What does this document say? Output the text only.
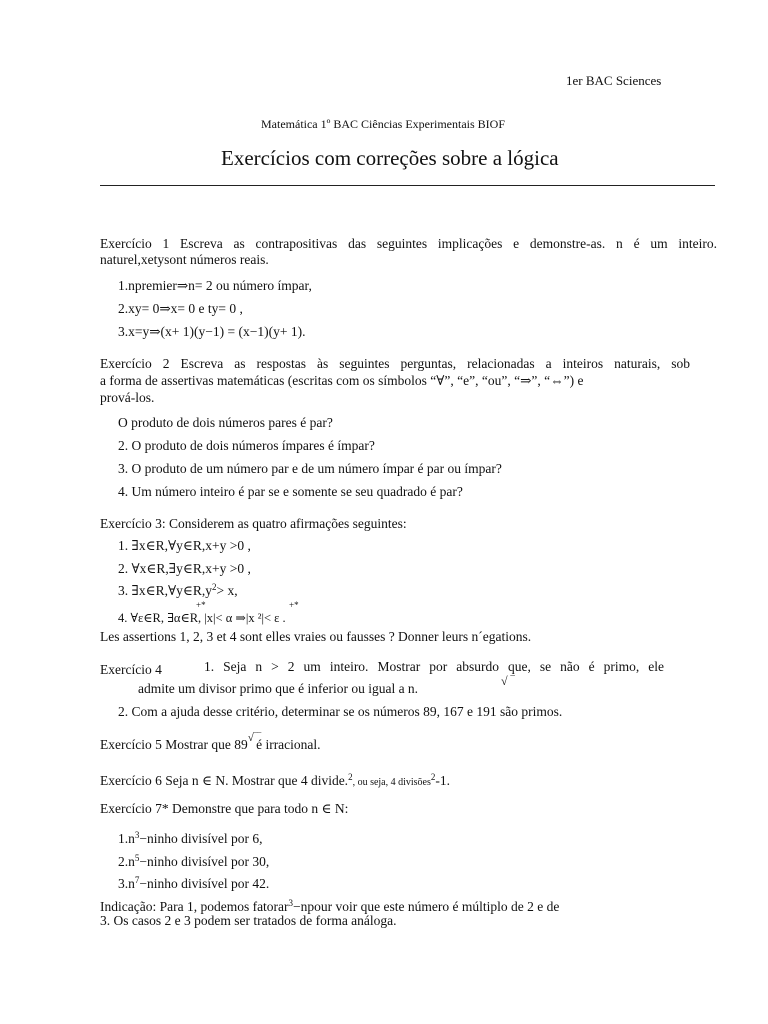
1er BAC Sciences
Matemática 1º BAC Ciências Experimentais BIOF
Exercícios com correções sobre a lógica
Exercício 1 Escreva as contrapositivas das seguintes implicações e demonstre-as. n é um inteiro.
naturel,xetysont números reais.
1.npremier⇒n= 2 ou número ímpar,
2.xy= 0⇒x= 0 e ty= 0 ,
3.x=y⇒(x+ 1)(y−1) = (x−1)(y+ 1).
Exercício 2 Escreva as respostas às seguintes perguntas, relacionadas a inteiros naturais, sob
a forma de assertivas matemáticas (escritas com os símbolos “∀”, “e”, “ou”, “⇒”, “⇔”) e
prová-los.
O produto de dois números pares é par?
2. O produto de dois números ímpares é ímpar?
3. O produto de um número par e de um número ímpar é par ou ímpar?
4. Um número inteiro é par se e somente se seu quadrado é par?
Exercício 3: Considerem as quatro afirmações seguintes:
1. ∃x∈R,∀y∈R,x+y >0 ,
2. ∀x∈R,∃y∈R,x+y >0 ,
3. $\exists x\in R,\forall y\in R,y^2> x$,
+*	+*
4. ∀ε∈R, ∃α∈R, |x|< α ⇒|x ²|< ε .
Les assertions 1, 2, 3 et 4 sont elles vraies ou fausses ? Donner leurs n´egations.
Exercício 4	1. Seja n > 2 um inteiro. Mostrar por absurdo que, se não é primo, ele
admite um divisor primo que é inferior ou igual a n.	√ ‾
2. Com a ajuda desse critério, determinar se os números 89, 167 e 191 são primos.
Exercício 5 Mostrar que 89√‾‾é irracional.
Exercício 6 Seja n ∈ N. Mostrar que 4 divide.$^2$, ou seja, 4 divisões$^2$-1.
Exercício 7* Demonstre que para todo n ∈ N:
$1.n^3-ninho$ divisível por 6,
$2.n^5-ninho$ divisível por 30,
$3.n^7-ninho$ divisível por 42.
Indicação: Para 1, podemos fatorar$^3$−npour voir que este número é múltiplo de 2 e de
3. Os casos 2 e 3 podem ser tratados de forma análoga.
